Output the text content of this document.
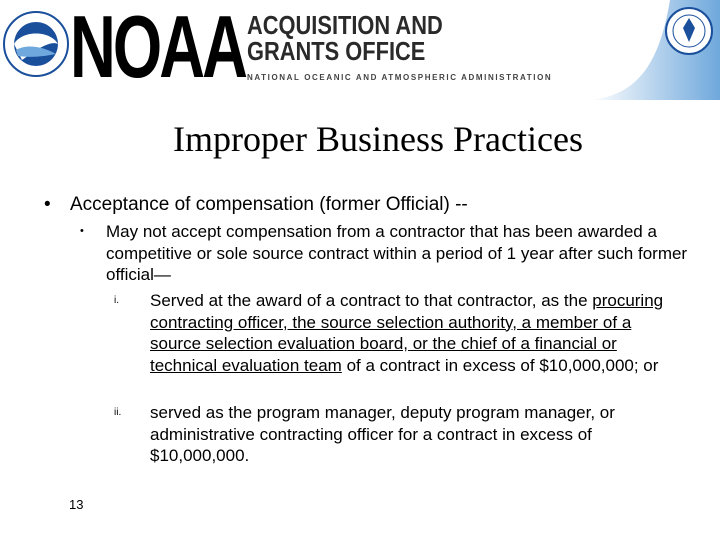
NOAA ACQUISITION AND
GRANTS OFFICE
NATIONAL OCEANIC AND ATMOSPHERIC ADMINISTRATION
Improper Business Practices
• Acceptance of compensation (former Official) --
• May not accept compensation from a contractor that has been awarded a competitive or sole source contract within a period of 1 year after such former official—
i. Served at the award of a contract to that contractor, as the procuring contracting officer, the source selection authority, a member of a source selection evaluation board, or the chief of a financial or technical evaluation team of a contract in excess of $10,000,000; or
ii. served as the program manager, deputy program manager, or administrative contracting officer for a contract in excess of $10,000,000.
13
